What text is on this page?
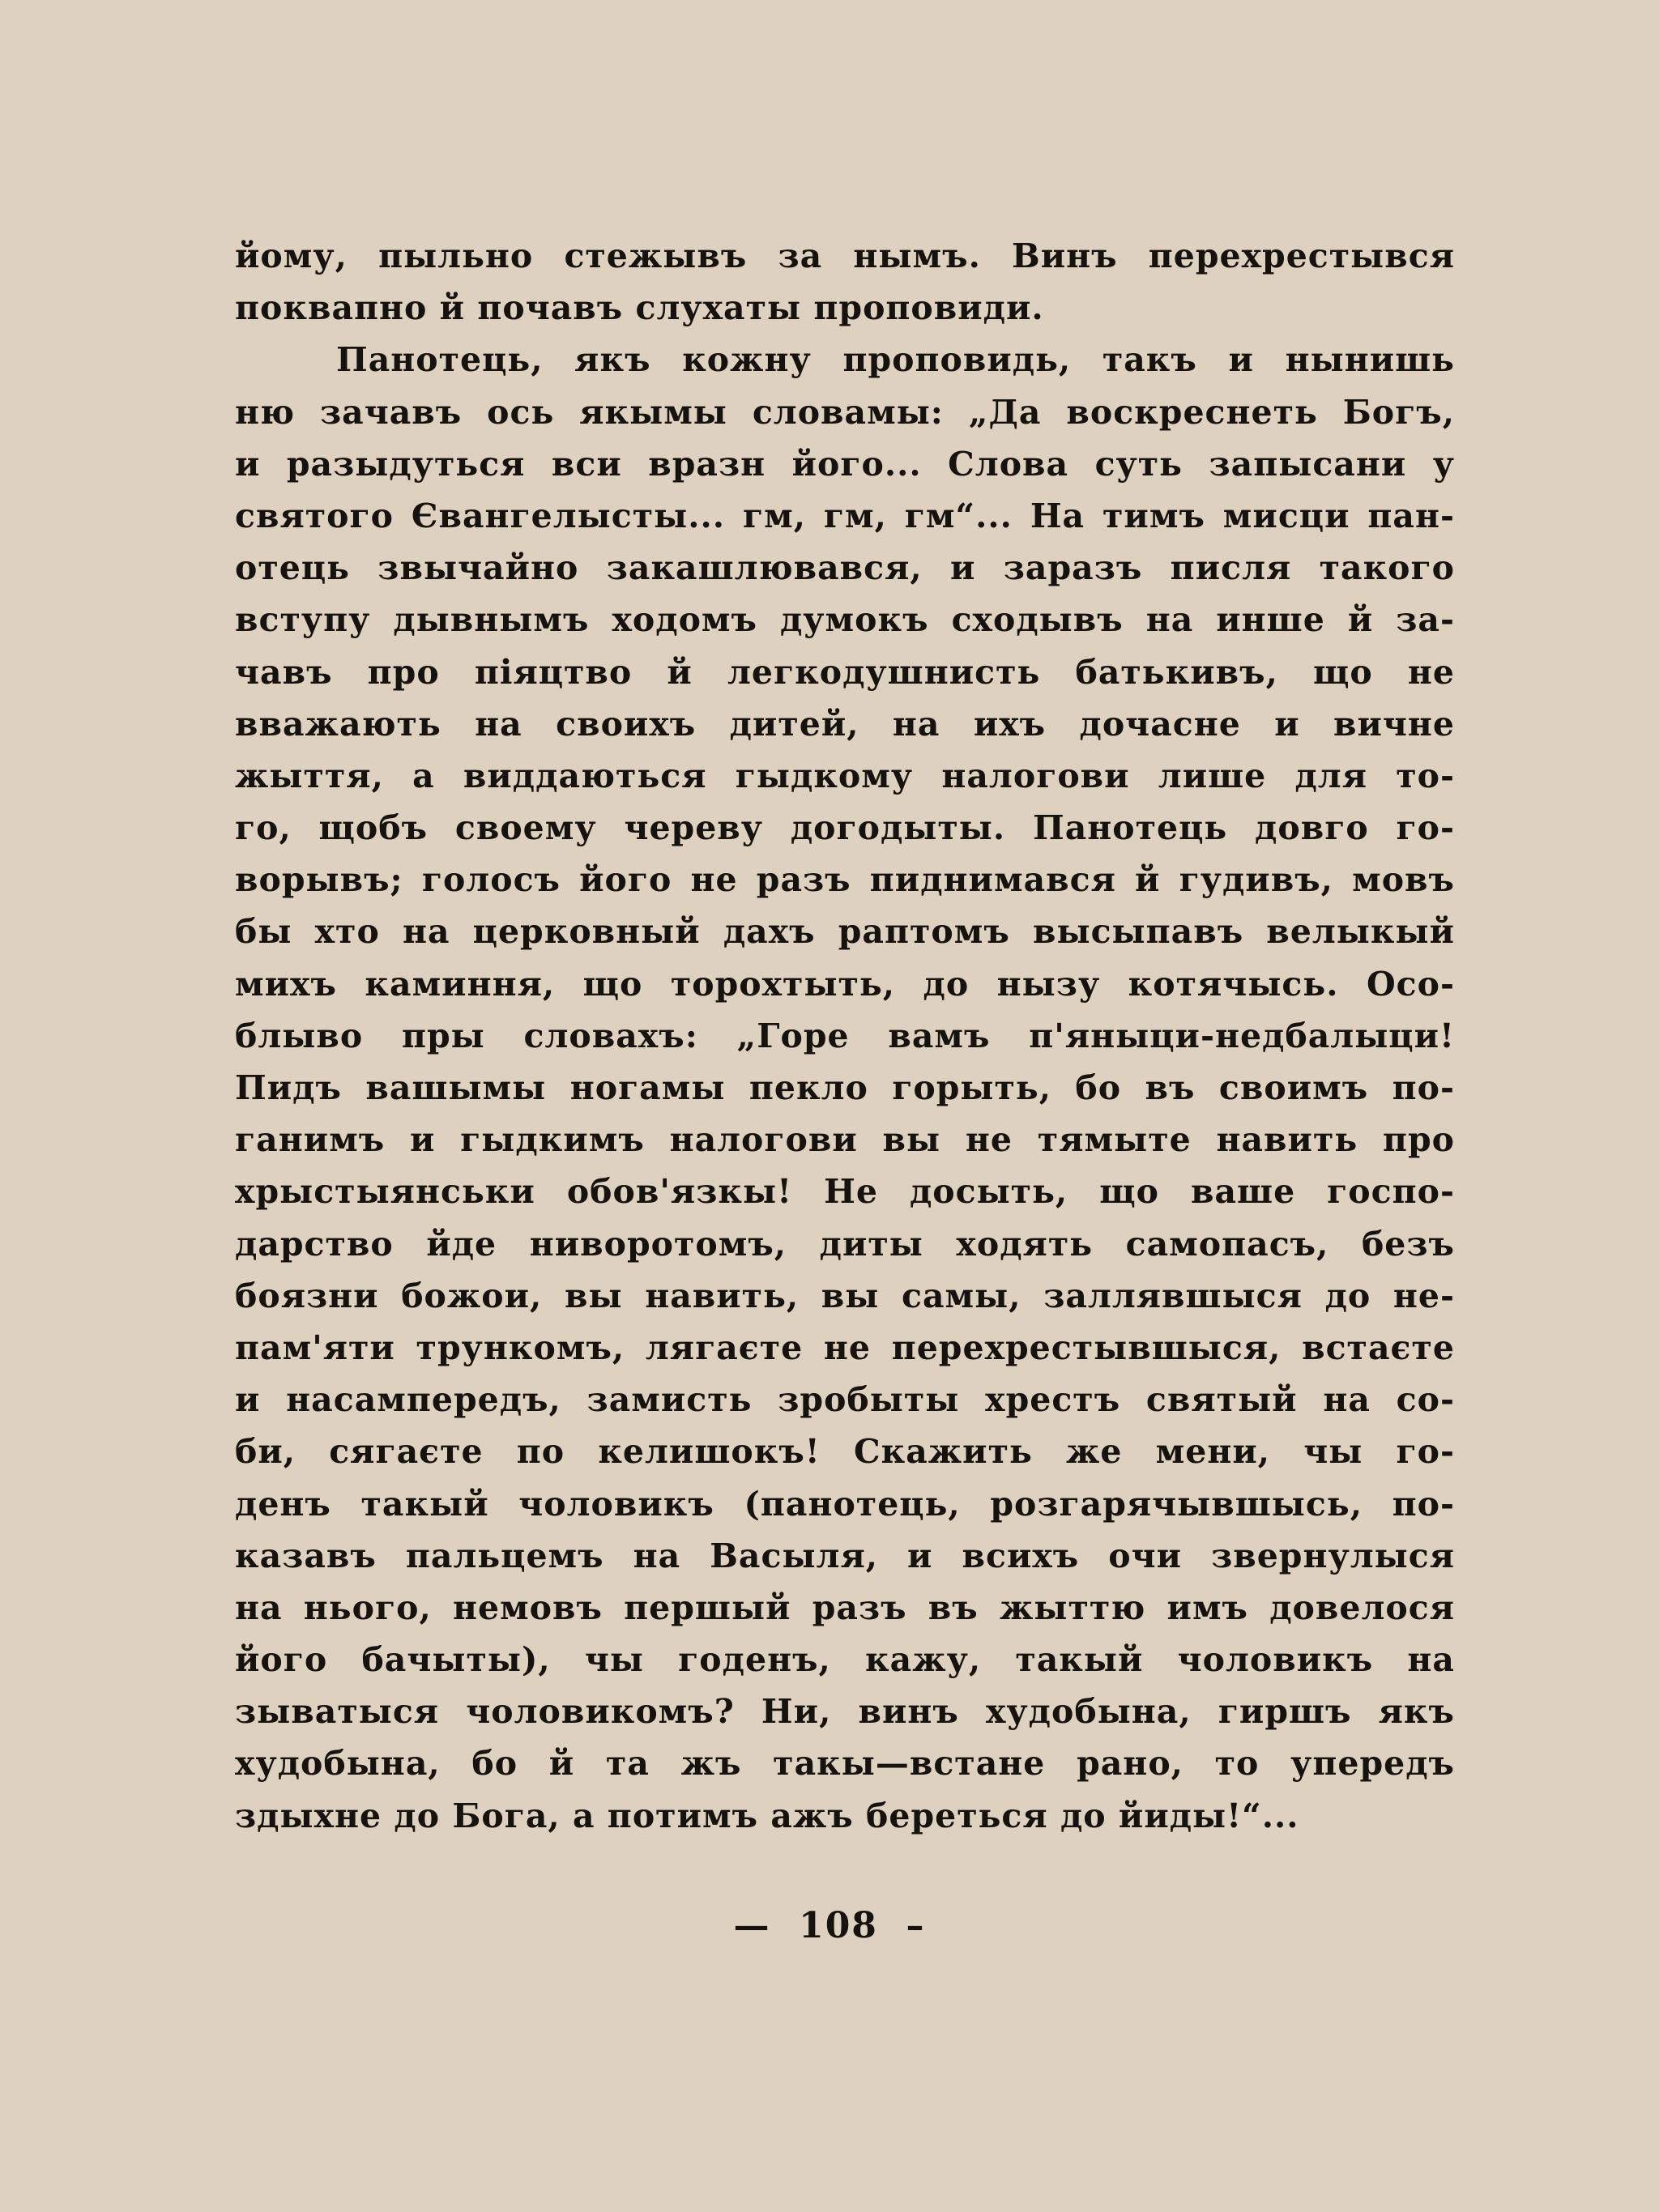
йому, пыльно стежывъ за нымъ. Винъ перехрестывся
поквапно й почавъ слухаты проповиди.
Панотець, якъ кожну проповидь, такъ и нынишь
ню зачавъ ось якымы словамы: „Да воскреснеть Богъ,
и разыдуться вси вразн його... Слова суть запысани у
святого Євангелысты... гм, гм, гм“... На тимъ мисци пан-
отець звычайно закашлювався, и заразъ писля такого
вступу дывнымъ ходомъ думокъ сходывъ на инше й за-
чавъ про піяцтво й легкодушнисть батькивъ, що не
вважають на своихъ дитей, на ихъ дочасне и вичне
жыття, а виддаються гыдкому налогови лише для то-
го, щобъ своему череву догодыты. Панотець довго го-
ворывъ; голосъ його не разъ пиднимався й гудивъ, мовъ
бы хто на церковный дахъ раптомъ высыпавъ велыкый
михъ каминня, що торохтыть, до нызу котячысь. Осо-
блыво пры словахъ: „Горе вамъ п'яныци-недбалыци!
Пидъ вашымы ногамы пекло горыть, бо въ своимъ по-
ганимъ и гыдкимъ налогови вы не тямыте навить про
хрыстыянськи обов'язкы! Не досыть, що ваше госпо-
дарство йде ниворотомъ, диты ходять самопасъ, безъ
боязни божои, вы навить, вы самы, заллявшыся до не-
пам'яти трункомъ, лягаєте не перехрестывшыся, встаєте
и насампередъ, замисть зробыты хрестъ святый на со-
би, сягаєте по келишокъ! Скажить же мени, чы го-
денъ такый чоловикъ (панотець, розгарячывшысь, по-
казавъ пальцемъ на Васыля, и всихъ очи звернулыся
на нього, немовъ першый разъ въ жыттю имъ довелося
його бачыты), чы годенъ, кажу, такый чоловикъ на
зыватыся чоловикомъ? Ни, винъ худобына, гиршъ якъ
худобына, бо й та жъ такы—встане рано, то упередъ
здыхне до Бога, а потимъ ажъ береться до йиды!“...
—  108  –
